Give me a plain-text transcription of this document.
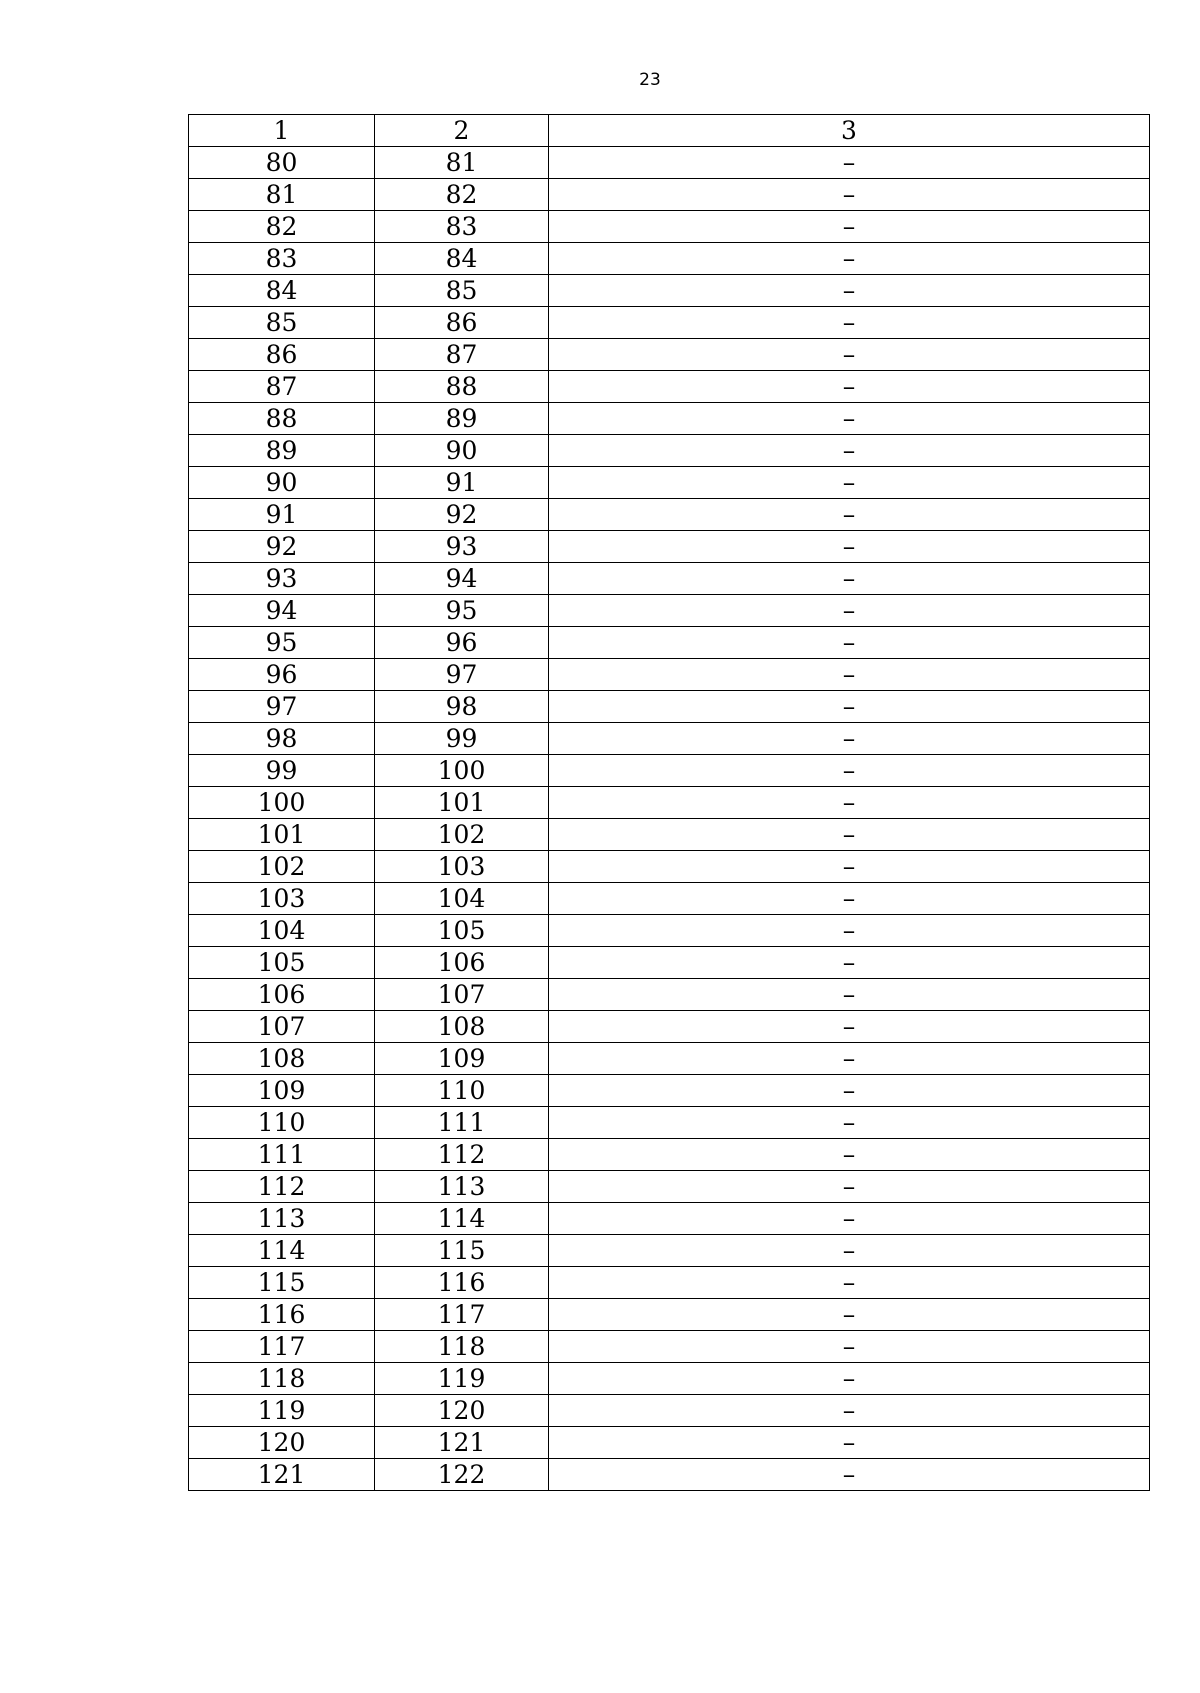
23
1	2	3
80	81	–
81	82	–
82	83	–
83	84	–
84	85	–
85	86	–
86	87	–
87	88	–
88	89	–
89	90	–
90	91	–
91	92	–
92	93	–
93	94	–
94	95	–
95	96	–
96	97	–
97	98	–
98	99	–
99	100	–
100	101	–
101	102	–
102	103	–
103	104	–
104	105	–
105	106	–
106	107	–
107	108	–
108	109	–
109	110	–
110	111	–
111	112	–
112	113	–
113	114	–
114	115	–
115	116	–
116	117	–
117	118	–
118	119	–
119	120	–
120	121	–
121	122	–
